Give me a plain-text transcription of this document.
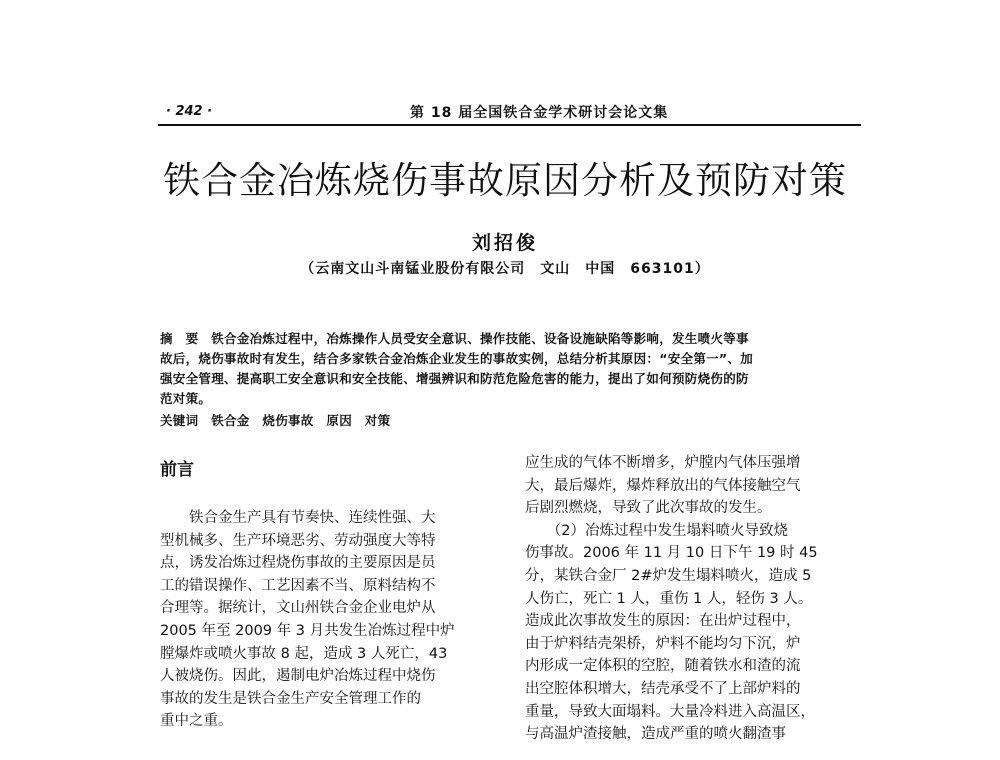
· 242 ·	第 18 届全国铁合金学术研讨会论文集
铁合金冶炼烧伤事故原因分析及预防对策
刘招俊
（云南文山斗南锰业股份有限公司　文山　中国　663101）
摘　要　铁合金冶炼过程中，冶炼操作人员受安全意识、操作技能、设备设施缺陷等影响，发生喷火等事
故后，烧伤事故时有发生，结合多家铁合金冶炼企业发生的事故实例，总结分析其原因：“安全第一”、加
强安全管理、提高职工安全意识和安全技能、增强辨识和防范危险危害的能力，提出了如何预防烧伤的防
范对策。
关键词　铁合金　烧伤事故　原因　对策
前言
　　铁合金生产具有节奏快、连续性强、大
型机械多、生产环境恶劣、劳动强度大等特
点，诱发冶炼过程烧伤事故的主要原因是员
工的错误操作、工艺因素不当、原料结构不
合理等。据统计，文山州铁合金企业电炉从
2005 年至 2009 年 3 月共发生冶炼过程中炉
膛爆炸或喷火事故 8 起，造成 3 人死亡，43
人被烧伤。因此，遏制电炉冶炼过程中烧伤
事故的发生是铁合金生产安全管理工作的
重中之重。
应生成的气体不断增多，炉膛内气体压强增
大，最后爆炸，爆炸释放出的气体接触空气
后剧烈燃烧，导致了此次事故的发生。
　　（2）冶炼过程中发生塌料喷火导致烧
伤事故。2006 年 11 月 10 日下午 19 时 45
分，某铁合金厂 2#炉发生塌料喷火，造成 5
人伤亡，死亡 1 人，重伤 1 人，轻伤 3 人。
造成此次事故发生的原因：在出炉过程中，
由于炉料结壳架桥，炉料不能均匀下沉，炉
内形成一定体积的空腔，随着铁水和渣的流
出空腔体积增大，结壳承受不了上部炉料的
重量，导致大面塌料。大量冷料进入高温区，
与高温炉渣接触，造成严重的喷火翻渣事
